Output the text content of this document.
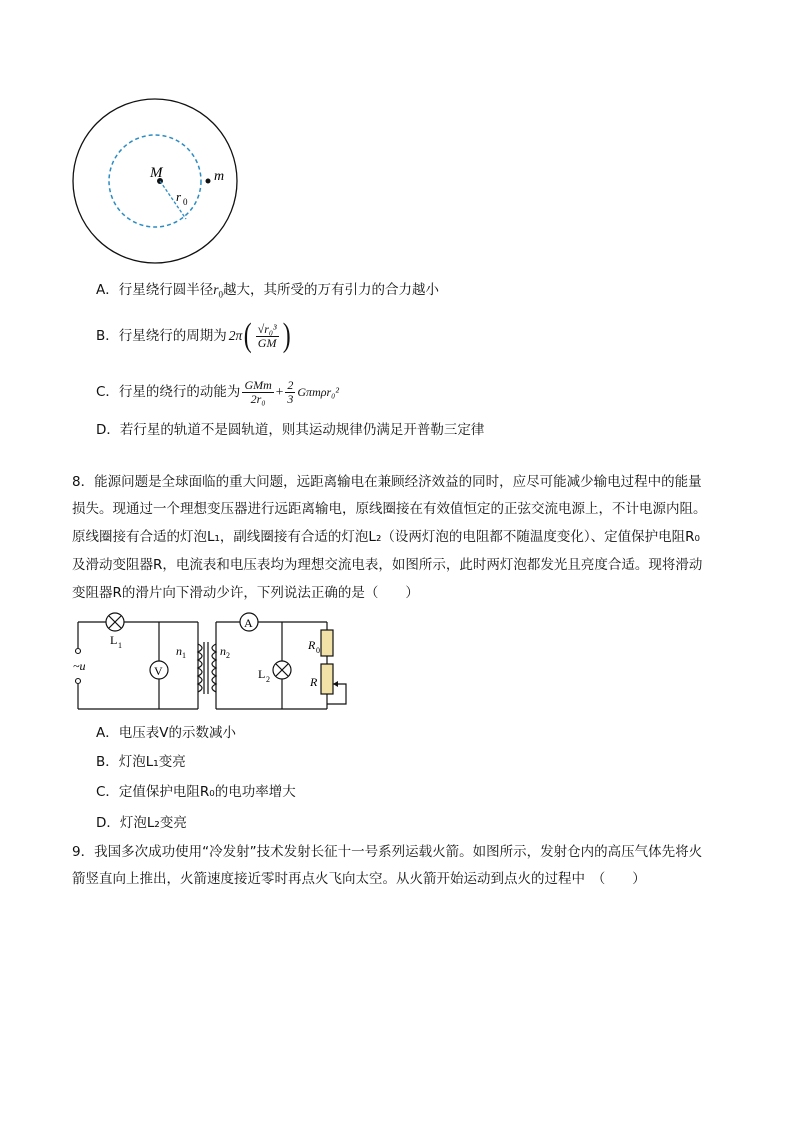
M	m
r 0
A．行星绕行圆半径$r_0$越大，其所受的万有引力的合力越小
B．行星绕行的周期为 2π ( $\frac{\text{√r₀³}}{GM}$ )
C．行星的绕行的动能为 $\frac{\text{GMm}}{\text{2r₀}} + \frac{2}{3} G\pi m\rho r_0^2$
D．若行星的轨道不是圆轨道，则其运动规律仍满足开普勒三定律
8．能源问题是全球面临的重大问题，远距离输电在兼顾经济效益的同时，应尽可能减少输电过程中的能量
损失。现通过一个理想变压器进行远距离输电，原线圈接在有效值恒定的正弦交流电源上，不计电源内阻。
原线圈接有合适的灯泡L₁，副线圈接有合适的灯泡L₂（设两灯泡的电阻都不随温度变化）、定值保护电阻R₀
及滑动变阻器R，电流表和电压表均为理想交流电表，如图所示，此时两灯泡都发光且亮度合适。现将滑动
变阻器R的滑片向下滑动少许，下列说法正确的是（　　）
V
A
~u
L 1	n 1	n 2
L 2
R 0
R
A．电压表V的示数减小
B．灯泡L₁变亮
C．定值保护电阻R₀的电功率增大
D．灯泡L₂变亮
9．我国多次成功使用“冷发射”技术发射长征十一号系列运载火箭。如图所示，发射仓内的高压气体先将火
箭竖直向上推出，火箭速度接近零时再点火飞向太空。从火箭开始运动到点火的过程中　（　　）
